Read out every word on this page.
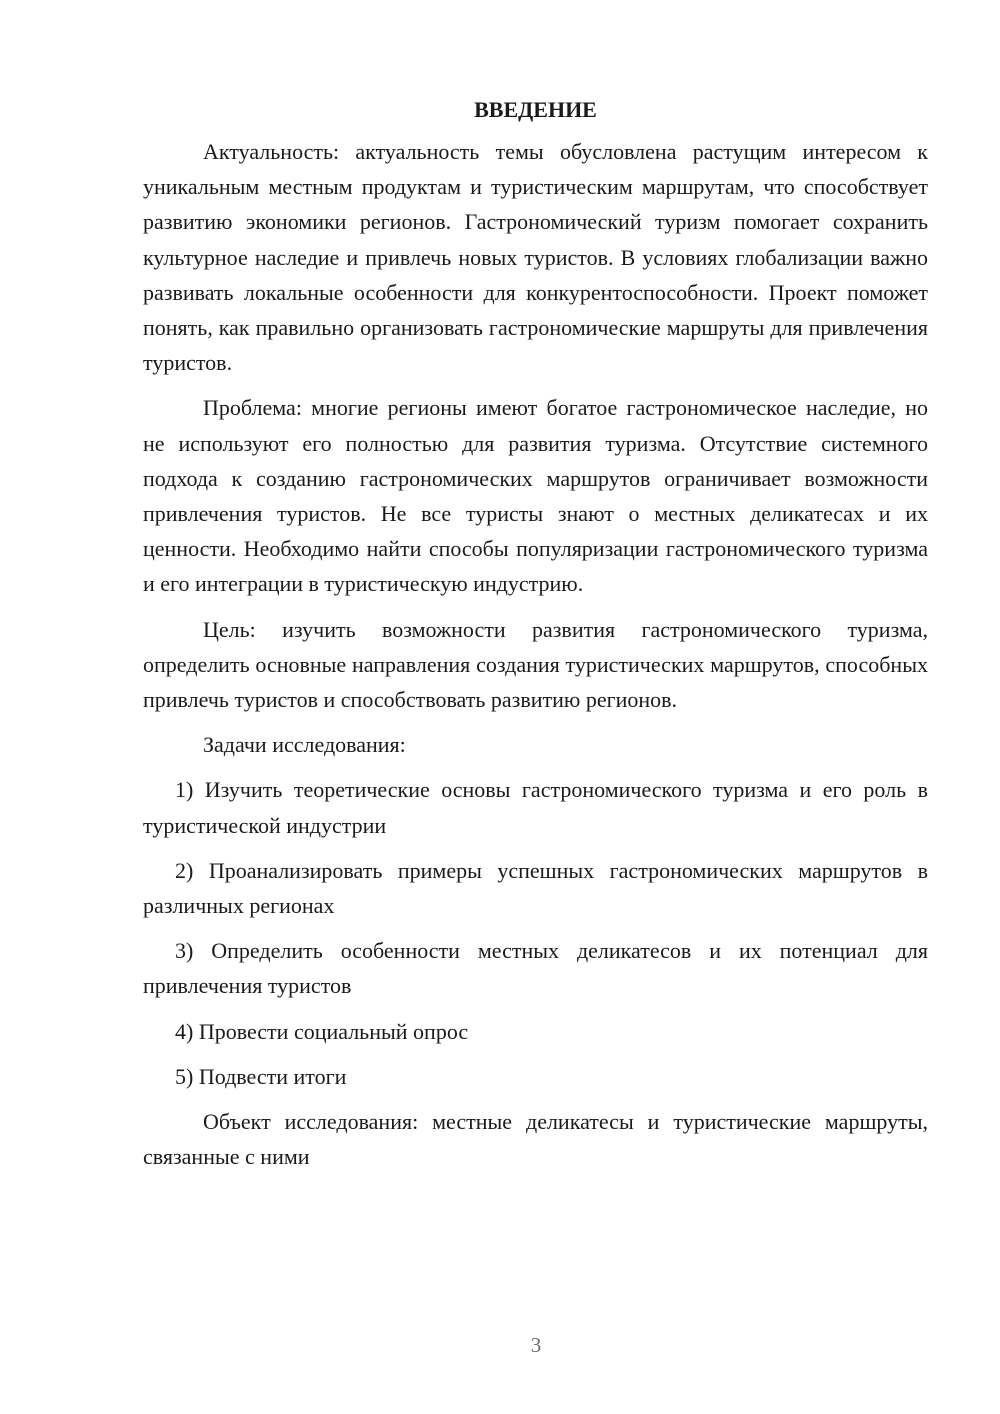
ВВЕДЕНИЕ

Актуальность: актуальность темы обусловлена растущим интересом к уникальным местным продуктам и туристическим маршрутам, что способствует развитию экономики регионов. Гастрономический туризм помогает сохранить культурное наследие и привлечь новых туристов. В условиях глобализации важно развивать локальные особенности для конкурентоспособности. Проект поможет понять, как правильно организовать гастрономические маршруты для привлечения туристов.

Проблема: многие регионы имеют богатое гастрономическое наследие, но не используют его полностью для развития туризма. Отсутствие системного подхода к созданию гастрономических маршрутов ограничивает возможности привлечения туристов. Не все туристы знают о местных деликатесах и их ценности. Необходимо найти способы популяризации гастрономического туризма и его интеграции в туристическую индустрию.

Цель: изучить возможности развития гастрономического туризма, определить основные направления создания туристических маршрутов, способных привлечь туристов и способствовать развитию регионов.

Задачи исследования:

1) Изучить теоретические основы гастрономического туризма и его роль в туристической индустрии

2) Проанализировать примеры успешных гастрономических маршрутов в различных регионах

3) Определить особенности местных деликатесов и их потенциал для привлечения туристов

4) Провести социальный опрос

5) Подвести итоги

Объект исследования: местные деликатесы и туристические маршруты, связанные с ними

3
